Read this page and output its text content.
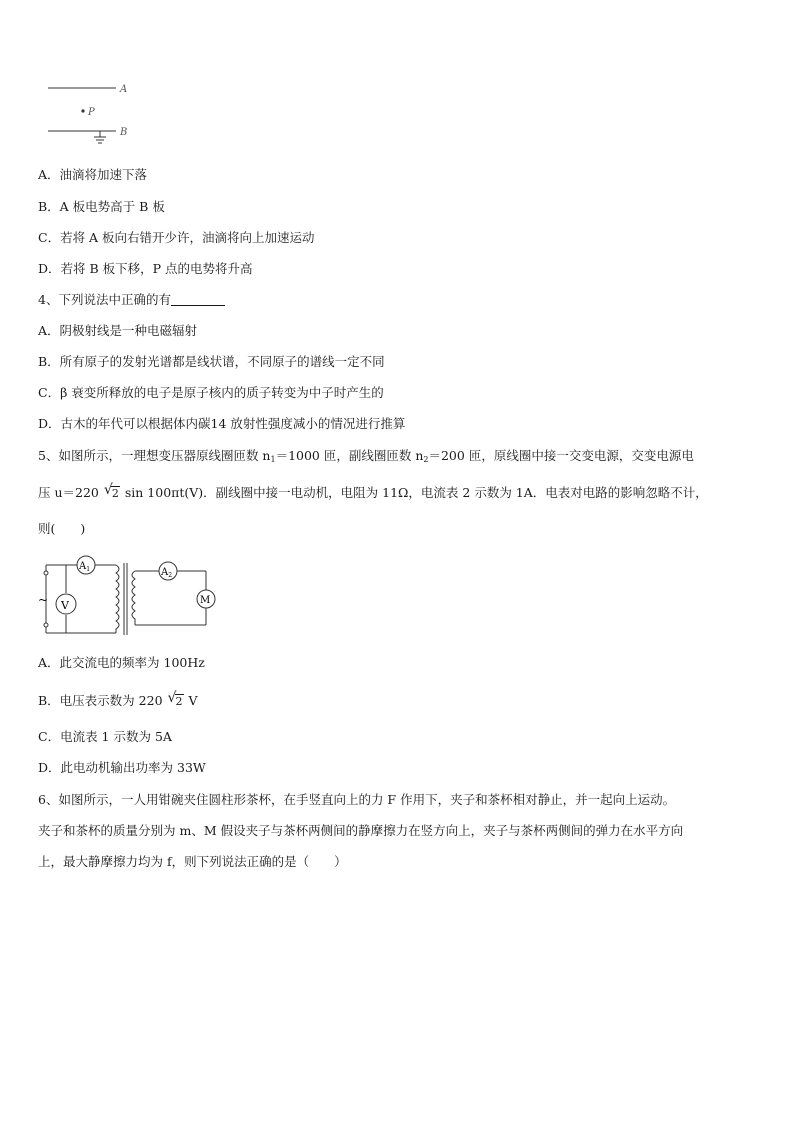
A
P
B
A．油滴将加速下落
B．A 板电势高于 B 板
C．若将 A 板向右错开少许，油滴将向上加速运动
D．若将 B 板下移，P 点的电势将升高
4、下列说法中正确的有
A．阴极射线是一种电磁辐射
B．所有原子的发射光谱都是线状谱，不同原子的谱线一定不同
C．β 衰变所释放的电子是原子核内的质子转变为中子时产生的
D．古木的年代可以根据体内碳14 放射性强度减小的情况进行推算
5、如图所示，一理想变压器原线圈匝数 n1＝1000 匝，副线圈匝数 n2＝200 匝，原线圈中接一交变电源，交变电源电
压 u＝220 √ 2 sin 100πt(V)．副线圈中接一电动机，电阻为 11Ω，电流表 2 示数为 1A．电表对电路的影响忽略不计，
则(　　)
~ V
$A_1$	$A_2$
M
A．此交流电的频率为 100Hz
B．电压表示数为 220 √ 2 V
C．电流表 1 示数为 5A
D．此电动机输出功率为 33W
6、如图所示，一人用钳碗夹住圆柱形茶杯，在手竖直向上的力 F 作用下，夹子和茶杯相对静止，并一起向上运动。
夹子和茶杯的质量分别为 m、M 假设夹子与茶杯两侧间的静摩擦力在竖方向上，夹子与茶杯两侧间的弹力在水平方向
上，最大静摩擦力均为 f，则下列说法正确的是（　　）
